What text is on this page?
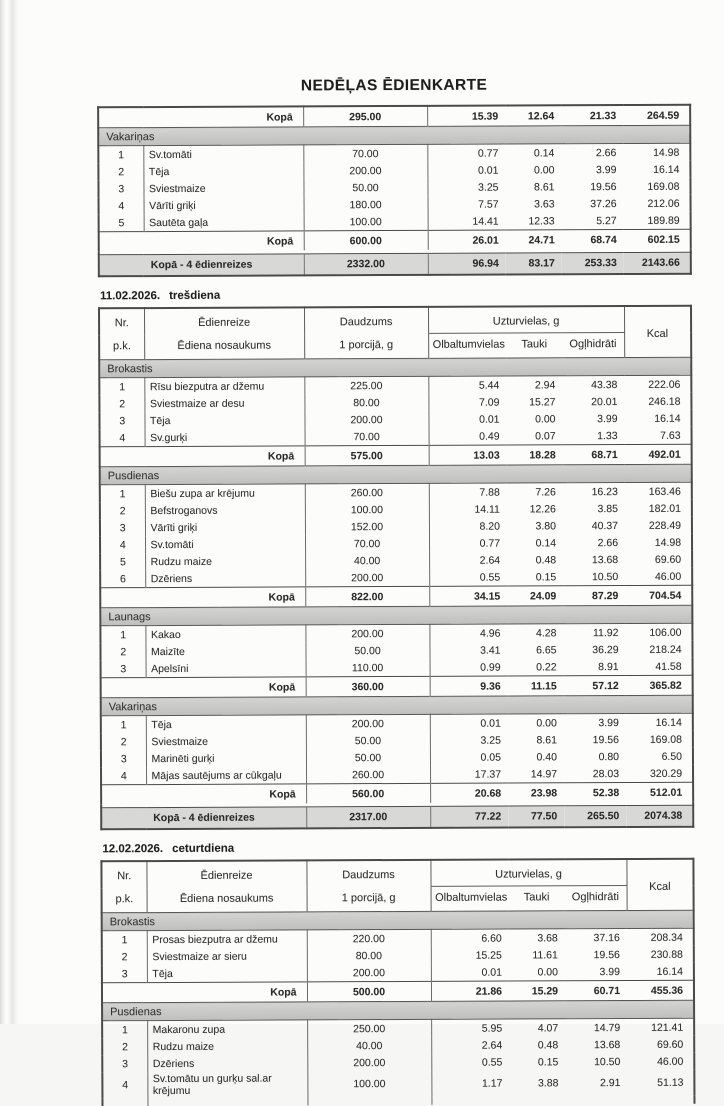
NEDĒĻAS ĒDIENKARTE
Kopā		295.00	15.39	12.64	21.33	264.59
Vakariņas						
1	Sv.tomāti	70.00	0.77	0.14	2.66	14.98
2	Tēja	200.00	0.01	0.00	3.99	16.14
3	Sviestmaize	50.00	3.25	8.61	19.56	169.08
4	Vārīti griķi	180.00	7.57	3.63	37.26	212.06
5	Sautēta gaļa	100.00	14.41	12.33	5.27	189.89
Kopā		600.00	26.01	24.71	68.74	602.15

Kopā - 4 ēdienreizes		2332.00	96.94	83.17	253.33	2143.66
11.02.2026. trešdiena
Nr.	Ēdienreize	Daudzums	Uzturvielas, g			Kcal
p.k.	Ēdiena nosaukums	1 porcijā, g	Olbaltumvielas	Tauki	Ogļhidrāti	
Brokastis						
1	Rīsu biezputra ar džemu	225.00	5.44	2.94	43.38	222.06
2	Sviestmaize ar desu	80.00	7.09	15.27	20.01	246.18
3	Tēja	200.00	0.01	0.00	3.99	16.14
4	Sv.gurķi	70.00	0.49	0.07	1.33	7.63
Kopā		575.00	13.03	18.28	68.71	492.01
Pusdienas						
1	Biešu zupa ar krējumu	260.00	7.88	7.26	16.23	163.46
2	Befstroganovs	100.00	14.11	12.26	3.85	182.01
3	Vārīti griķi	152.00	8.20	3.80	40.37	228.49
4	Sv.tomāti	70.00	0.77	0.14	2.66	14.98
5	Rudzu maize	40.00	2.64	0.48	13.68	69.60
6	Dzēriens	200.00	0.55	0.15	10.50	46.00
Kopā		822.00	34.15	24.09	87.29	704.54
Launags						
1	Kakao	200.00	4.96	4.28	11.92	106.00
2	Maizīte	50.00	3.41	6.65	36.29	218.24
3	Apelsīni	110.00	0.99	0.22	8.91	41.58
Kopā		360.00	9.36	11.15	57.12	365.82
Vakariņas						
1	Tēja	200.00	0.01	0.00	3.99	16.14
2	Sviestmaize	50.00	3.25	8.61	19.56	169.08
3	Marinēti gurķi	50.00	0.05	0.40	0.80	6.50
4	Mājas sautējums ar cūkgaļu	260.00	17.37	14.97	28.03	320.29
Kopā		560.00	20.68	23.98	52.38	512.01

Kopā - 4 ēdienreizes		2317.00	77.22	77.50	265.50	2074.38
12.02.2026. ceturtdiena
Nr.	Ēdienreize	Daudzums	Uzturvielas, g			Kcal
p.k.	Ēdiena nosaukums	1 porcijā, g	Olbaltumvielas	Tauki	Ogļhidrāti	
Brokastis						
1	Prosas biezputra ar džemu	220.00	6.60	3.68	37.16	208.34
2	Sviestmaize ar sieru	80.00	15.25	11.61	19.56	230.88
3	Tēja	200.00	0.01	0.00	3.99	16.14
Kopā		500.00	21.86	15.29	60.71	455.36
Pusdienas						
1	Makaronu zupa	250.00	5.95	4.07	14.79	121.41
2	Rudzu maize	40.00	2.64	0.48	13.68	69.60
3	Dzēriens	200.00	0.55	0.15	10.50	46.00
4	Sv.tomātu un gurķu sal.ar krējumu	100.00	1.17	3.88	2.91	51.13
